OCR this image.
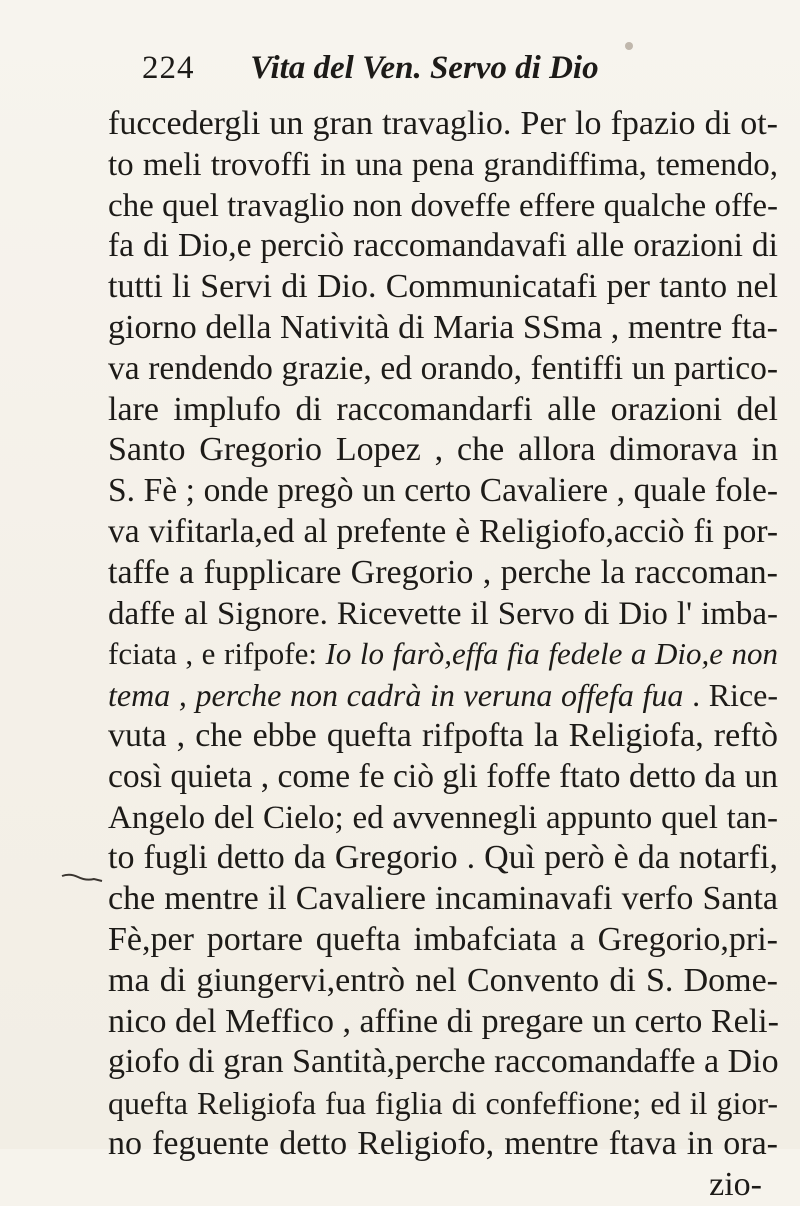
224 Vita del Ven. Servo di Dio
fuccedergli un gran travaglio. Per lo fpazio di ot-
to meli trovoffi in una pena grandiffima, temendo,
che quel travaglio non doveffe effere qualche offe-
fa di Dio,e perciò raccomandavafi alle orazioni di
tutti li Servi di Dio. Communicatafi per tanto nel
giorno della Natività di Maria SSma , mentre fta-
va rendendo grazie, ed orando, fentiffi un partico-
lare implufo di raccomandarfi alle orazioni del
Santo Gregorio Lopez , che allora dimorava in
S. Fè ; onde pregò un certo Cavaliere , quale fole-
va vifitarla,ed al prefente è Religiofo,acciò fi por-
taffe a fupplicare Gregorio , perche la raccoman-
daffe al Signore. Ricevette il Servo di Dio l' imba-
fciata , e rifpofe: Io lo farò,effa fia fedele a Dio,e non
tema , perche non cadrà in veruna offefa fua . Rice-
vuta , che ebbe quefta rifpofta la Religiofa, reftò
così quieta , come fe ciò gli foffe ftato detto da un
Angelo del Cielo; ed avvennegli appunto quel tan-
to fugli detto da Gregorio . Quì però è da notarfi,
che mentre il Cavaliere incaminavafi verfo Santa
Fè,per portare quefta imbafciata a Gregorio,pri-
ma di giungervi,entrò nel Convento di S. Dome-
nico del Meffico , affine di pregare un certo Reli-
giofo di gran Santità,perche raccomandaffe a Dio
quefta Religiofa fua figlia di confeffione; ed il gior-
no feguente detto Religiofo, mentre ftava in ora-
zio-
